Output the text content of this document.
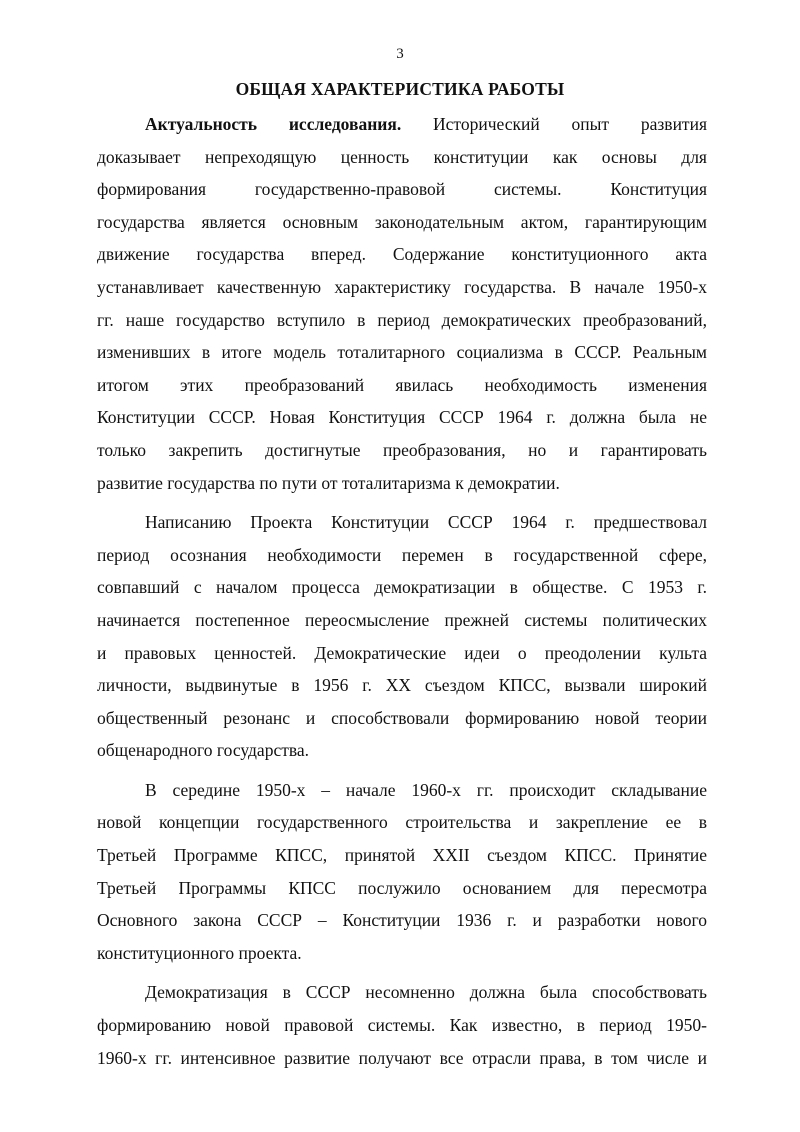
3
ОБЩАЯ ХАРАКТЕРИСТИКА РАБОТЫ
Актуальность исследования. Исторический опыт развития
доказывает непреходящую ценность конституции как основы для
формирования государственно-правовой системы. Конституция
государства является основным законодательным актом, гарантирующим
движение государства вперед. Содержание конституционного акта
устанавливает качественную характеристику государства. В начале 1950-х
гг. наше государство вступило в период демократических преобразований,
изменивших в итоге модель тоталитарного социализма в СССР. Реальным
итогом этих преобразований явилась необходимость изменения
Конституции СССР. Новая Конституция СССР 1964 г. должна была не
только закрепить достигнутые преобразования, но и гарантировать
развитие государства по пути от тоталитаризма к демократии.
Написанию Проекта Конституции СССР 1964 г. предшествовал
период осознания необходимости перемен в государственной сфере,
совпавший с началом процесса демократизации в обществе. С 1953 г.
начинается постепенное переосмысление прежней системы политических
и правовых ценностей. Демократические идеи о преодолении культа
личности, выдвинутые в 1956 г. XX съездом КПСС, вызвали широкий
общественный резонанс и способствовали формированию новой теории
общенародного государства.
В середине 1950-х – начале 1960-х гг. происходит складывание
новой концепции государственного строительства и закрепление ее в
Третьей Программе КПСС, принятой XXII съездом КПСС. Принятие
Третьей Программы КПСС послужило основанием для пересмотра
Основного закона СССР – Конституции 1936 г. и разработки нового
конституционного проекта.
Демократизация в СССР несомненно должна была способствовать
формированию новой правовой системы. Как известно, в период 1950-
1960-х гг. интенсивное развитие получают все отрасли права, в том числе и
